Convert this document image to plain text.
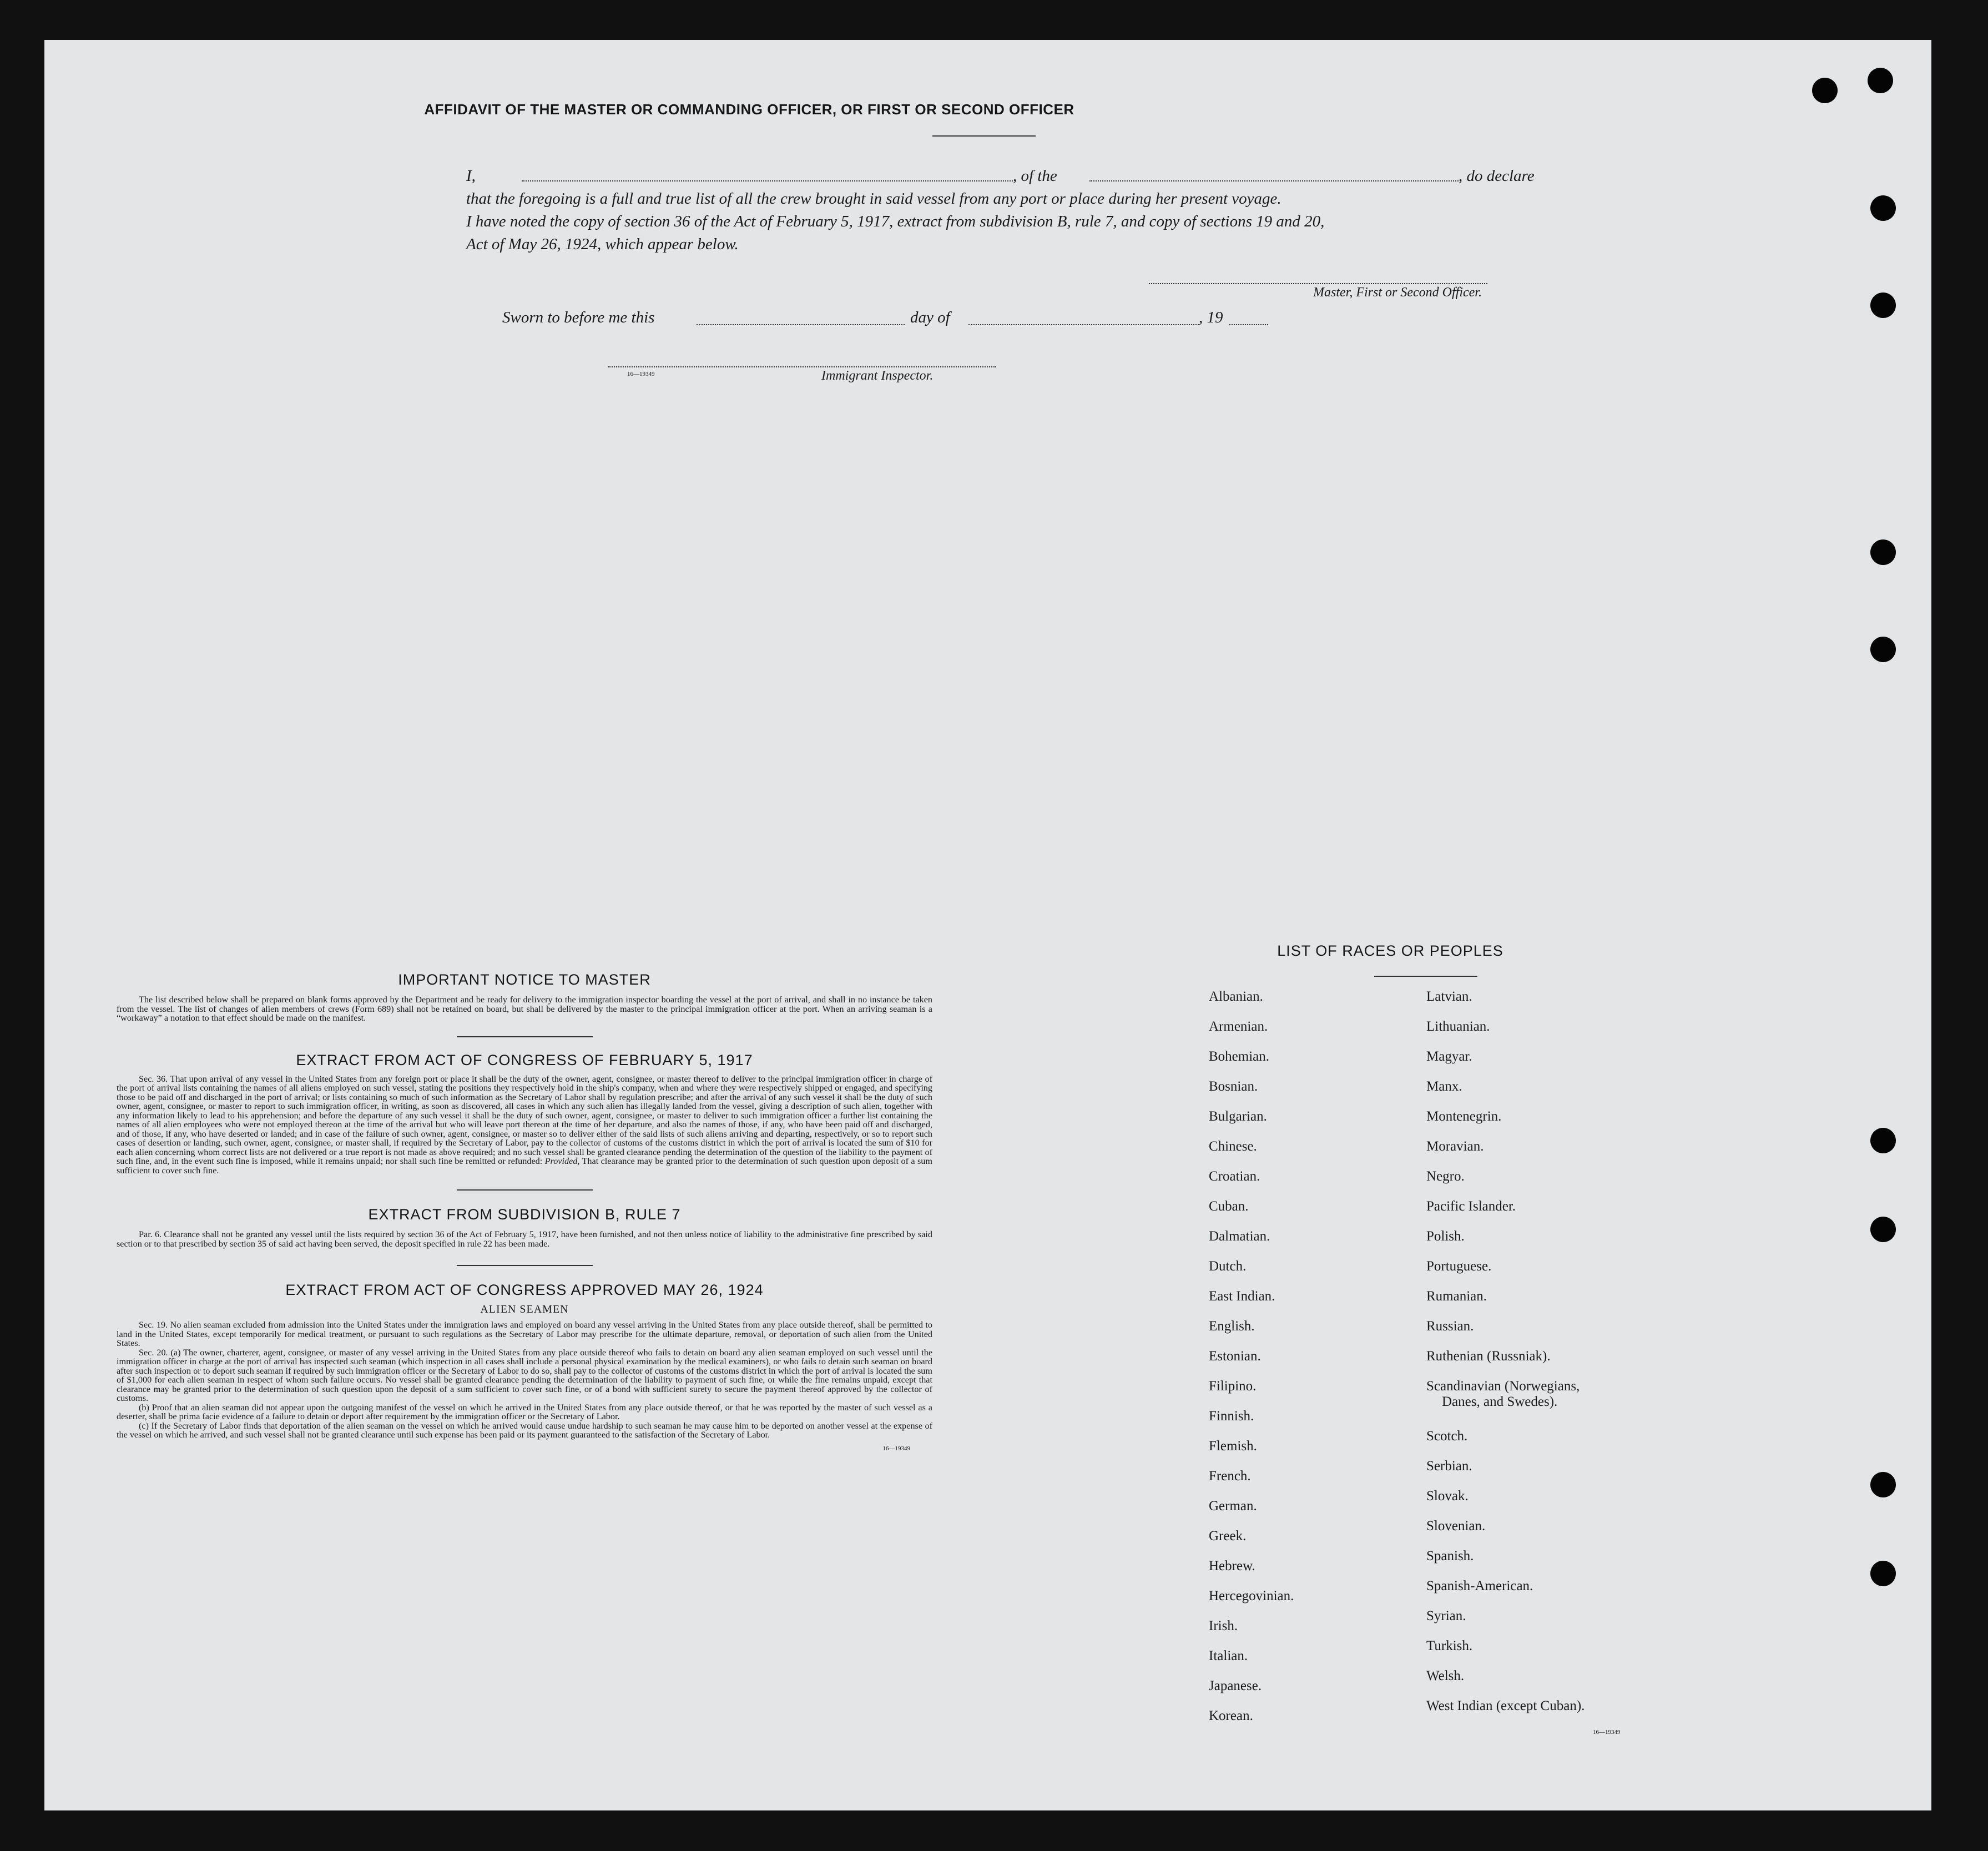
AFFIDAVIT OF THE MASTER OR COMMANDING OFFICER, OR FIRST OR SECOND OFFICER
I,	, of the	, do declare
that the foregoing is a full and true list of all the crew brought in said vessel from any port or place during her present voyage.
I have noted the copy of section 36 of the Act of February 5, 1917, extract from subdivision B, rule 7, and copy of sections 19 and 20,
Act of May 26, 1924, which appear below.
Master, First or Second Officer.
Sworn to before me this	day of	, 19
16—19349	Immigrant Inspector.
IMPORTANT NOTICE TO MASTER
The list described below shall be prepared on blank forms approved by the Department and be ready for delivery to the immigration inspector boarding the vessel at the port of arrival, and shall in no instance be taken from the vessel. The list of changes of alien members of crews (Form 689) shall not be retained on board, but shall be delivered by the master to the principal immigration officer at the port. When an arriving seaman is a “workaway” a notation to that effect should be made on the manifest.
EXTRACT FROM ACT OF CONGRESS OF FEBRUARY 5, 1917
Sec. 36. That upon arrival of any vessel in the United States from any foreign port or place it shall be the duty of the owner, agent, consignee, or master thereof to deliver to the principal immigration officer in charge of the port of arrival lists containing the names of all aliens employed on such vessel, stating the positions they respectively hold in the ship's company, when and where they were respectively shipped or engaged, and specifying those to be paid off and discharged in the port of arrival; or lists containing so much of such information as the Secretary of Labor shall by regulation prescribe; and after the arrival of any such vessel it shall be the duty of such owner, agent, consignee, or master to report to such immigration officer, in writing, as soon as discovered, all cases in which any such alien has illegally landed from the vessel, giving a description of such alien, together with any information likely to lead to his apprehension; and before the departure of any such vessel it shall be the duty of such owner, agent, consignee, or master to deliver to such immigration officer a further list containing the names of all alien employees who were not employed thereon at the time of the arrival but who will leave port thereon at the time of her departure, and also the names of those, if any, who have been paid off and discharged, and of those, if any, who have deserted or landed; and in case of the failure of such owner, agent, consignee, or master so to deliver either of the said lists of such aliens arriving and departing, respectively, or so to report such cases of desertion or landing, such owner, agent, consignee, or master shall, if required by the Secretary of Labor, pay to the collector of customs of the customs district in which the port of arrival is located the sum of $10 for each alien concerning whom correct lists are not delivered or a true report is not made as above required; and no such vessel shall be granted clearance pending the determination of the question of the liability to the payment of such fine, and, in the event such fine is imposed, while it remains unpaid; nor shall such fine be remitted or refunded: Provided, That clearance may be granted prior to the determination of such question upon deposit of a sum sufficient to cover such fine.
EXTRACT FROM SUBDIVISION B, RULE 7
Par. 6. Clearance shall not be granted any vessel until the lists required by section 36 of the Act of February 5, 1917, have been furnished, and not then unless notice of liability to the administrative fine prescribed by said section or to that prescribed by section 35 of said act having been served, the deposit specified in rule 22 has been made.
EXTRACT FROM ACT OF CONGRESS APPROVED MAY 26, 1924
ALIEN SEAMEN
Sec. 19. No alien seaman excluded from admission into the United States under the immigration laws and employed on board any vessel arriving in the United States from any place outside thereof, shall be permitted to land in the United States, except temporarily for medical treatment, or pursuant to such regulations as the Secretary of Labor may prescribe for the ultimate departure, removal, or deportation of such alien from the United States.
Sec. 20. (a) The owner, charterer, agent, consignee, or master of any vessel arriving in the United States from any place outside thereof who fails to detain on board any alien seaman employed on such vessel until the immigration officer in charge at the port of arrival has inspected such seaman (which inspection in all cases shall include a personal physical examination by the medical examiners), or who fails to detain such seaman on board after such inspection or to deport such seaman if required by such immigration officer or the Secretary of Labor to do so, shall pay to the collector of customs of the customs district in which the port of arrival is located the sum of $1,000 for each alien seaman in respect of whom such failure occurs. No vessel shall be granted clearance pending the determination of the liability to payment of such fine, or while the fine remains unpaid, except that clearance may be granted prior to the determination of such question upon the deposit of a sum sufficient to cover such fine, or of a bond with sufficient surety to secure the payment thereof approved by the collector of customs.
(b) Proof that an alien seaman did not appear upon the outgoing manifest of the vessel on which he arrived in the United States from any place outside thereof, or that he was reported by the master of such vessel as a deserter, shall be prima facie evidence of a failure to detain or deport after requirement by the immigration officer or the Secretary of Labor.
(c) If the Secretary of Labor finds that deportation of the alien seaman on the vessel on which he arrived would cause undue hardship to such seaman he may cause him to be deported on another vessel at the expense of the vessel on which he arrived, and such vessel shall not be granted clearance until such expense has been paid or its payment guaranteed to the satisfaction of the Secretary of Labor.
16—19349
LIST OF RACES OR PEOPLES
Albanian.
Armenian.
Bohemian.
Bosnian.
Bulgarian.
Chinese.
Croatian.
Cuban.
Dalmatian.
Dutch.
East Indian.
English.
Estonian.
Filipino.
Finnish.
Flemish.
French.
German.
Greek.
Hebrew.
Hercegovinian.
Irish.
Italian.
Japanese.
Korean.
Latvian.
Lithuanian.
Magyar.
Manx.
Montenegrin.
Moravian.
Negro.
Pacific Islander.
Polish.
Portuguese.
Rumanian.
Russian.
Ruthenian (Russniak).
Scandinavian (Norwegians,
Danes, and Swedes).
Scotch.
Serbian.
Slovak.
Slovenian.
Spanish.
Spanish-American.
Syrian.
Turkish.
Welsh.
West Indian (except Cuban).
16—19349
